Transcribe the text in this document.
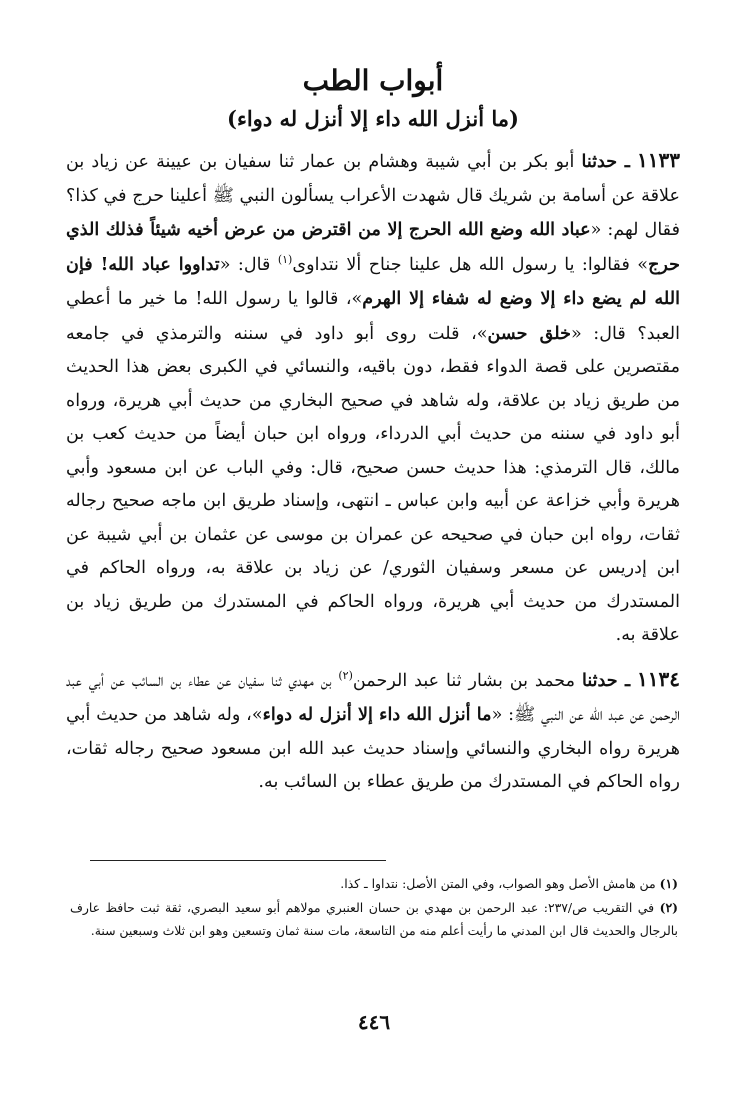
أبواب الطب
(ما أنزل الله داء إلا أنزل له دواء)

١١٣٣ ـ حدثنا أبو بكر بن أبي شيبة وهشام بن عمار ثنا سفيان بن عيينة عن زياد بن علاقة عن أسامة بن شريك قال شهدت الأعراب يسألون النبي ﷺ أعلينا حرج في كذا؟ فقال لهم: «عباد الله وضع الله الحرج إلا من اقترض من عرض أخيه شيئاً فذلك الذي حرج» فقالوا: يا رسول الله هل علينا جناح ألا نتداوى$^{(١)}$ قال: «تداووا عباد الله! فإن الله لم يضع داء إلا وضع له شفاء إلا الهرم»، قالوا يا رسول الله! ما خير ما أعطي العبد؟ قال: «خلق حسن»، قلت روى أبو داود في سننه والترمذي في جامعه مقتصرين على قصة الدواء فقط، دون باقيه، والنسائي في الكبرى بعض هذا الحديث من طريق زياد بن علاقة، وله شاهد في صحيح البخاري من حديث أبي هريرة، ورواه أبو داود في سننه من حديث أبي الدرداء، ورواه ابن حبان أيضاً من حديث كعب بن مالك، قال الترمذي: هذا حديث حسن صحيح، قال: وفي الباب عن ابن مسعود وأبي هريرة وأبي خزاعة عن أبيه وابن عباس ـ انتهى، وإسناد طريق ابن ماجه صحيح رجاله ثقات، رواه ابن حبان في صحيحه عن عمران بن موسى عن عثمان بن أبي شيبة عن ابن إدريس عن مسعر وسفيان الثوري/ عن زياد بن علاقة به، ورواه الحاكم في المستدرك من حديث أبي هريرة، ورواه الحاكم في المستدرك من طريق زياد بن علاقة به.

١١٣٤ ـ حدثنا محمد بن بشار ثنا عبد الرحمن$^{(٢)}$ بن مهدي ثنا سفيان عن عطاء بن السائب عن أبي عبد الرحمن عن عبد الله عن النبي ﷺ: «ما أنزل الله داء إلا أنزل له دواء»، وله شاهد من حديث أبي هريرة رواه البخاري والنسائي وإسناد حديث عبد الله ابن مسعود صحيح رجاله ثقات، رواه الحاكم في المستدرك من طريق عطاء بن السائب به.

(١) من هامش الأصل وهو الصواب، وفي المتن الأصل: نتداوا ـ كذا.

(٢) في التقريب ص/٢٣٧: عبد الرحمن بن مهدي بن حسان العنبري مولاهم أبو سعيد البصري، ثقة ثبت حافظ عارف بالرجال والحديث قال ابن المدني ما رأيت أعلم منه من التاسعة، مات سنة ثمان وتسعين وهو ابن ثلاث وسبعين سنة.

٤٤٦
